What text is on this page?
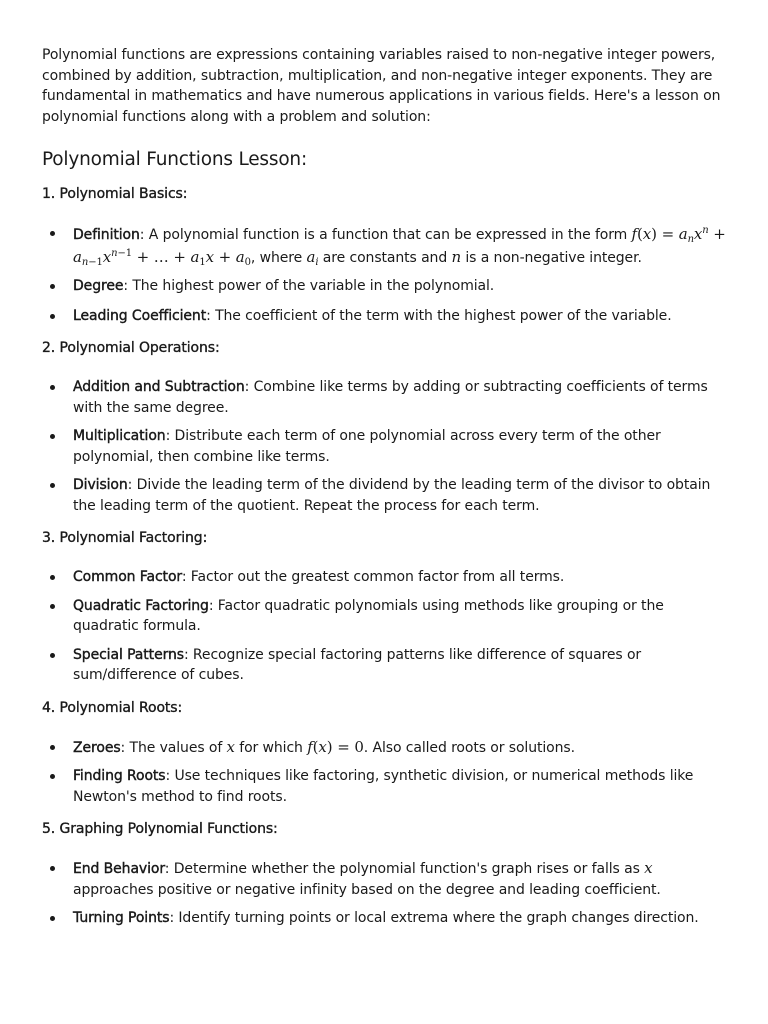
Polynomial functions are expressions containing variables raised to non-negative integer powers, combined by addition, subtraction, multiplication, and non-negative integer exponents. They are fundamental in mathematics and have numerous applications in various fields. Here's a lesson on polynomial functions along with a problem and solution:

Polynomial Functions Lesson:
1. Polynomial Basics:
Definition: A polynomial function is a function that can be expressed in the form $f(x) = a_nx^n + a_{n-1}x^{n-1}$ + … + $a_1x + a_0$, where $a_i$ are constants and n is a non-negative integer.
Degree: The highest power of the variable in the polynomial.
Leading Coefficient: The coefficient of the term with the highest power of the variable.
2. Polynomial Operations:
Addition and Subtraction: Combine like terms by adding or subtracting coefficients of terms with the same degree.
Multiplication: Distribute each term of one polynomial across every term of the other polynomial, then combine like terms.
Division: Divide the leading term of the dividend by the leading term of the divisor to obtain the leading term of the quotient. Repeat the process for each term.
3. Polynomial Factoring:
Common Factor: Factor out the greatest common factor from all terms.
Quadratic Factoring: Factor quadratic polynomials using methods like grouping or the quadratic formula.
Special Patterns: Recognize special factoring patterns like difference of squares or sum/difference of cubes.
4. Polynomial Roots:
Zeroes: The values of x for which f(x) = 0. Also called roots or solutions.
Finding Roots: Use techniques like factoring, synthetic division, or numerical methods like Newton's method to find roots.
5. Graphing Polynomial Functions:
End Behavior: Determine whether the polynomial function's graph rises or falls as x approaches positive or negative infinity based on the degree and leading coefficient.
Turning Points: Identify turning points or local extrema where the graph changes direction.
